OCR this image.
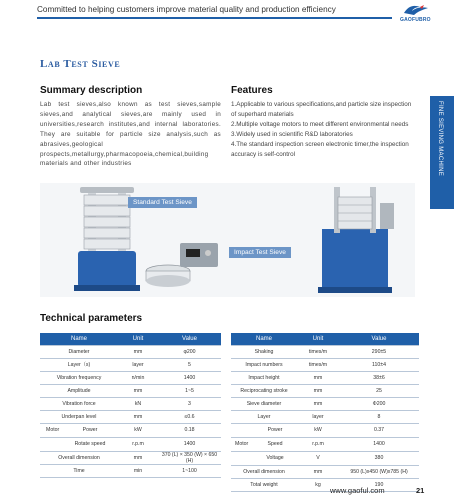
Committed to helping customers improve material quality and production efficiency
GAOFUBRO
Lab Test Sieve
Summary description
Lab test sieves,also known as test sieves,sample sieves,and analytical sieves,are mainly used in universities,research institutes,and internal laboratories. They are suitable for particle size analysis,such as abrasives,geological prospects,metallurgy,pharmacopoeia,chemical,building materials and other industries
Features
1.Applicable to various specifications,and particle size inspection of superhard materials
2.Multiple voltage motors to meet different environmental needs
3.Widely used in scientific R&D laboratories
4.The standard inspection screen electronic timer,the inspection accuracy is self-control	FINE SIEVING MACHINE
Standard Test Sieve
Impact Test Sieve
Technical parameters
Name	Unit	Value
Diameter	mm	φ200
Layer（s)	layer	5
Vibration frequency	n/min	1400
Amplitude	mm	1~5
Vibration force	kN	3
Underpan level	mm	≤0.6

Motor Power	kW	0.18

Rotate speed	r.p.m	1400
Overall dimension	mm	370 (L) × 350 (W) × 650 (H)
Time	min	1~100
Name	Unit	Value
Shaking	times/m	290±5
Impact numbers	times/m	110±4
Impact height	mm	38±6
Reciprocating stroke	mm	25
Sieve diameter	mm	Φ200
Layer	layer	8

Power	kW	0.37

Motor Speed	r.p.m	1400

Voltage	V	380
Overall dimension	mm	950 (L)x450 (W)x785 (H)
Total weight	kg	190
www.gaoful.com	21
